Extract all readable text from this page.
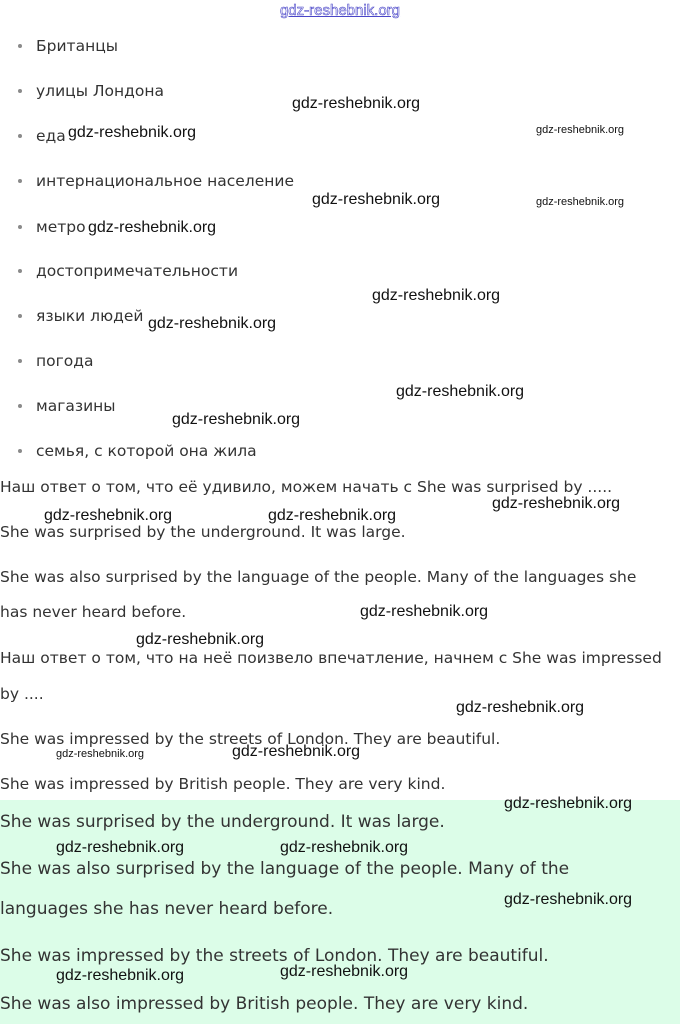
gdz-reshebnik.org
Британцы
улицы Лондона
еда
интернациональное население
метро
достопримечательности
языки людей
погода
магазины
семья, с которой она жила
Наш ответ о том, что её удивило, можем начать с She was surprised by .....
She was surprised by the underground. It was large.
She was also surprised by the language of the people. Many of the languages she
has never heard before.
Наш ответ о том, что на неё поизвело впечатление, начнем с She was impressed
by ....
She was impressed by the streets of London. They are beautiful.
She was impressed by British people. They are very kind.
She was surprised by the underground. It was large.
She was also surprised by the language of the people. Many of the
languages she has never heard before.
She was impressed by the streets of London. They are beautiful.
She was also impressed by British people. They are very kind.
gdz-reshebnik.org
gdz-reshebnik.org	gdz-reshebnik.org
gdz-reshebnik.org	gdz-reshebnik.org
gdz-reshebnik.org
gdz-reshebnik.org
gdz-reshebnik.org
gdz-reshebnik.org
gdz-reshebnik.org
gdz-reshebnik.org
gdz-reshebnik.org	gdz-reshebnik.org
gdz-reshebnik.org
gdz-reshebnik.org
gdz-reshebnik.org
gdz-reshebnik.org
gdz-reshebnik.org
gdz-reshebnik.org
gdz-reshebnik.org	gdz-reshebnik.org
gdz-reshebnik.org
gdz-reshebnik.org
gdz-reshebnik.org
